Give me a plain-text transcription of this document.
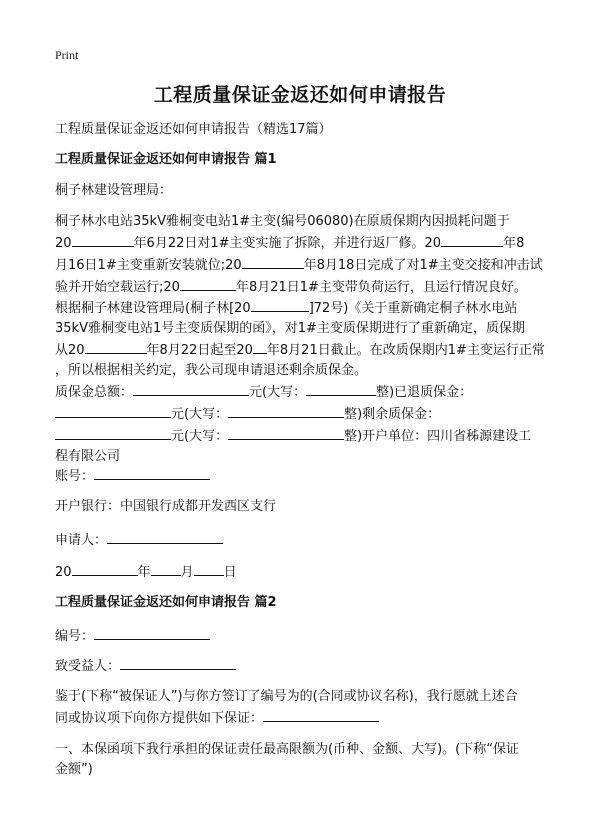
Print
工程质量保证金返还如何申请报告
工程质量保证金返还如何申请报告（精选17篇）
工程质量保证金返还如何申请报告 篇1
桐子林建设管理局：
桐子林水电站35kV雅桐变电站1#主变(编号06080)在原质保期内因损耗问题于
20	年6月22日对1#主变实施了拆除，并进行返厂修。20	年8
月16日1#主变重新安装就位;20	年8月18日完成了对1#主变交接和冲击试
验并开始空载运行;20	年8月21日1#主变带负荷运行，且运行情况良好。
根据桐子林建设管理局(桐子林[20	]72号)《关于重新确定桐子林水电站
35kV雅桐变电站1号主变质保期的函》，对1#主变质保期进行了重新确定，质保期
从20	年8月22日起至20 年8月21日截止。在改质保期内1#主变运行正常
，所以根据相关约定，我公司现申请退还剩余质保金。
质保金总额：	元(大写：	整)已退质保金：
元(大写：	整)剩余质保金：
元(大写：	整)开户单位：四川省秭源建设工
程有限公司
账号：
开户银行：中国银行成都开发西区支行
申请人：
20	年 月 日
工程质量保证金返还如何申请报告 篇2
编号：
致受益人：
鉴于(下称“被保证人”)与你方签订了编号为的(合同或协议名称)，我行愿就上述合
同或协议项下向你方提供如下保证：
一、本保函项下我行承担的保证责任最高限额为(币种、金额、大写)。(下称“保证
金额”)
